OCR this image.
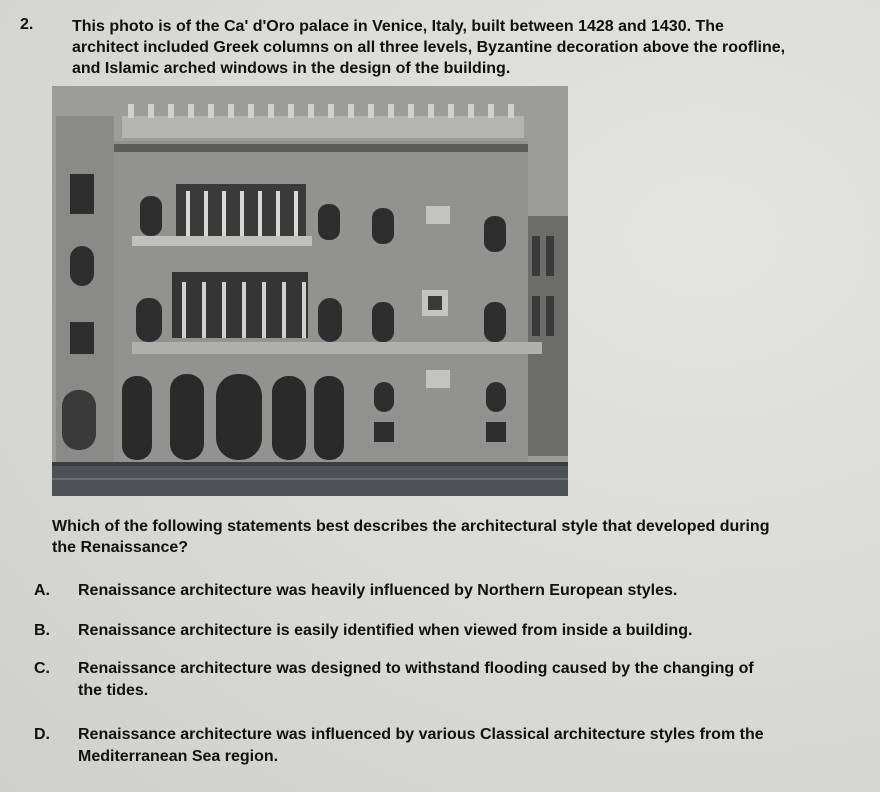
2. This photo is of the Ca' d'Oro palace in Venice, Italy, built between 1428 and 1430. The
architect included Greek columns on all three levels, Byzantine decoration above the roofline,
and Islamic arched windows in the design of the building.
Which of the following statements best describes the architectural style that developed during
the Renaissance?
A. Renaissance architecture was heavily influenced by Northern European styles.
B. Renaissance architecture is easily identified when viewed from inside a building.
C. Renaissance architecture was designed to withstand flooding caused by the changing of
the tides.
D. Renaissance architecture was influenced by various Classical architecture styles from the
Mediterranean Sea region.
